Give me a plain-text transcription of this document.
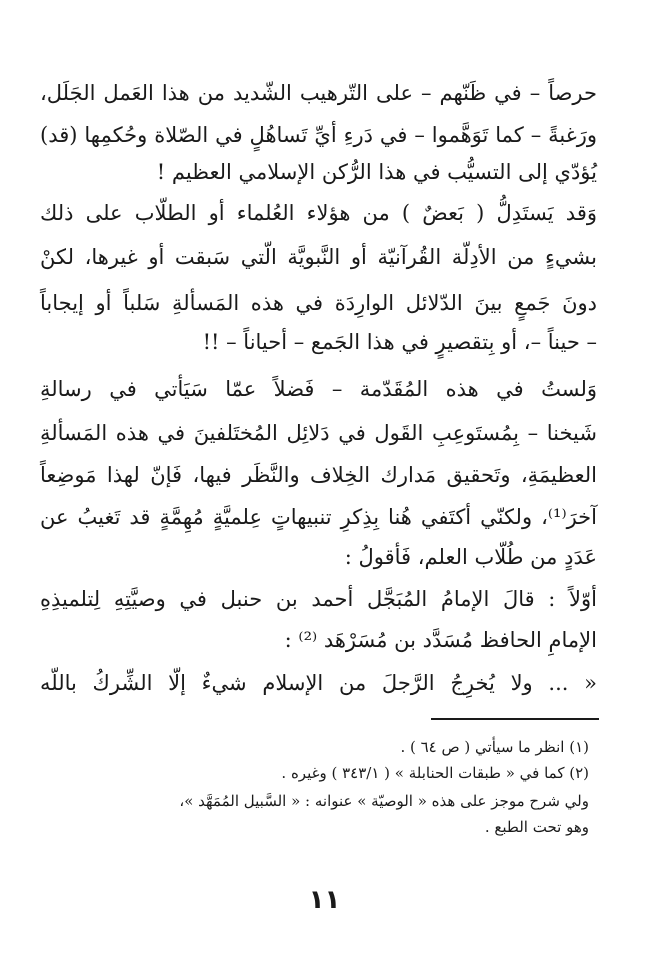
حرصاً – في ظَنّهم – على التّرهيب الشّديد من هذا العَمل الجَلَل،
ورَغبةً – كما تَوَهَّموا – في دَرءِ أيِّ تَساهُلٍ في الصّلاة وحُكمِها (قد)
يُؤدّي إلى التسيُّب في هذا الرُّكن الإسلامي العظيم !
وَقد يَستَدِلُّ ( بَعضٌ ) من هؤلاء العُلماء أو الطلّاب على ذلك
بشيءٍ من الأدِلّة القُرآنيّة أو النَّبويَّة الّتي سَبقت أو غيرها، لكنْ
دونَ جَمعٍ بينَ الدّلائل الوارِدَة في هذه المَسألةِ سَلباً أو إيجاباً
– حيناً –، أو بِتقصيرٍ في هذا الجَمع – أحياناً – !!
وَلستُ في هذه المُقَدّمة – فَضلاً عمّا سَيَأتي في رسالةِ
شَيخنا – بِمُستَوعِبِ القَول في دَلائِل المُختَلفينَ في هذه المَسألةِ
العظيمَةِ، وتَحقيق مَدارك الخِلاف والنَّظَر فيها، فَإنّ لهذا مَوضِعاً
آخرَ⁽¹⁾، ولكنّي أكتَفي هُنا بِذِكرِ تنبيهاتٍ عِلميَّةٍ مُهِمَّةٍ قد تَغيبُ عن
عَدَدٍ من طُلّاب العلم، فَأقولُ :
أوّلاً : قالَ الإمامُ المُبَجَّل أحمد بن حنبل في وصيَّتِهِ لِتلميذِهِ
الإمامِ الحافظ مُسَدَّد بن مُسَرْهَد ⁽²⁾ :
« ... ولا يُخرِجُ الرَّجلَ من الإسلام شيءٌ إلّا الشِّركُ باللّه
(١) انظر ما سيأتي ( ص ٦٤ ) .
(٢) كما في « طبقات الحنابلة » ( ٣٤٣/١ ) وغيره .
ولي شرح موجز على هذه « الوصيّة » عنوانه : « السَّبيل المُمَهَّد »،
وهو تحت الطبع .
١١
